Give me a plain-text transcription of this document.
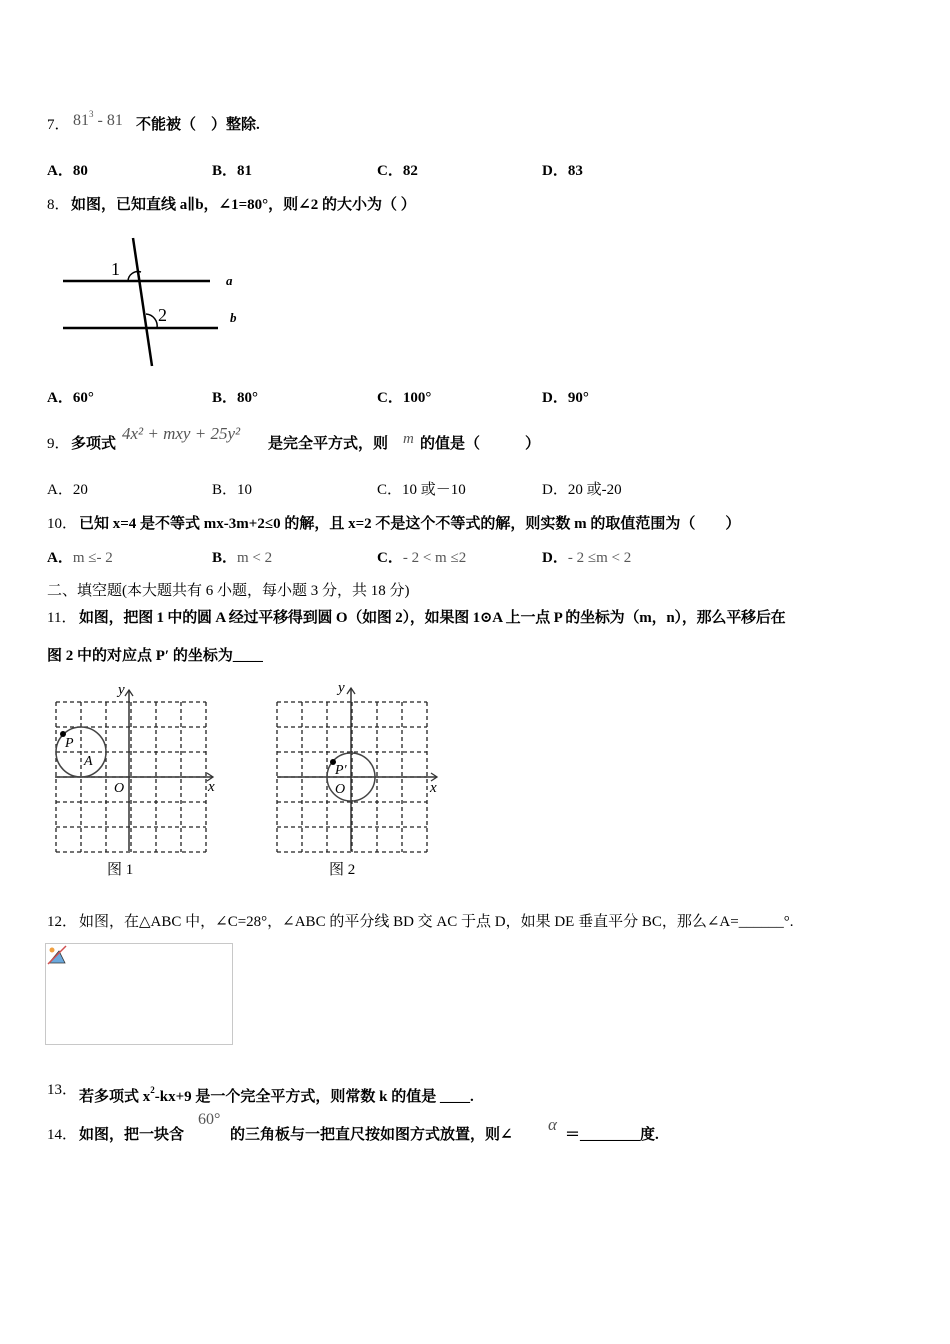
7． $81^3 - 81$ 不能被（　）整除.
A．80	B．81	C．82	D．83
8． 如图，已知直线 a∥b，∠1=80°，则∠2 的大小为（ ）
1
2
a
b
P
A
O	x
y
图 1
P′
O	x
y
图 2
A．60°	B．80°	C．100°	D．90°
9． 多项式
4x² + mxy + 25y²
是完全平方式，则 m 的值是（　　　）
A．20	B．10	C．10 或－10	D．20 或-20
10． 已知 x=4 是不等式 mx-3m+2≤0 的解，且 x=2 不是这个不等式的解，则实数 m 的取值范围为（　　）
A．m ≤- 2	B．m < 2	C．- 2 < m ≤2	D．- 2 ≤m < 2
二、填空题(本大题共有 6 小题，每小题 3 分，共 18 分)
11． 如图，把图 1 中的圆 A 经过平移得到圆 O（如图 2），如果图 1⊙A 上一点 P 的坐标为（m，n），那么平移后在
图 2 中的对应点 P′ 的坐标为____
12． 如图，在△ABC 中，∠C=28°，∠ABC 的平分线 BD 交 AC 于点 D，如果 DE 垂直平分 BC，那么∠A=______°.
13． 若多项式 $x^2-kx+9$ 是一个完全平方式，则常数 k 的值是 ____.
14． 如图，把一块含
60°
的三角板与一把直尺按如图方式放置，则∠
α
＝________度.
